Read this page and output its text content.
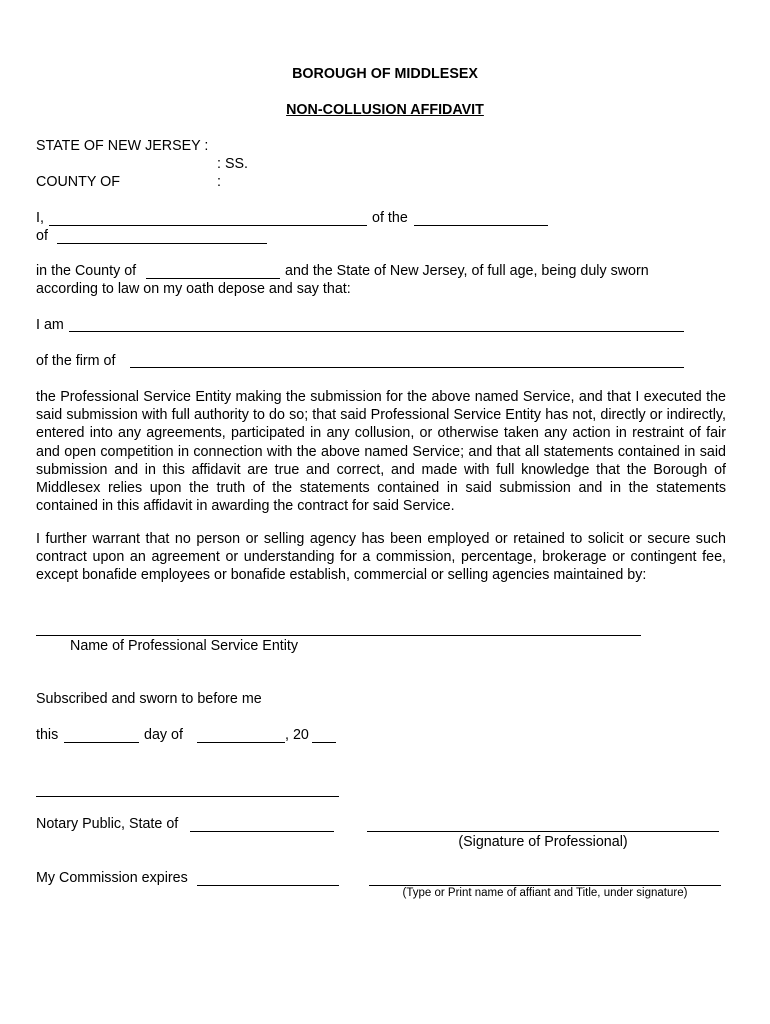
BOROUGH OF MIDDLESEX
NON-COLLUSION AFFIDAVIT
STATE OF NEW JERSEY :
: SS.
COUNTY OF	:
I,	of the
of
in the County of	and the State of New Jersey, of full age, being duly sworn
according to law on my oath depose and say that:
I am
of the firm of
the Professional Service Entity making the submission for the above named Service, and that I executed the said submission with full authority to do so; that said Professional Service Entity has not, directly or indirectly, entered into any agreements, participated in any collusion, or otherwise taken any action in restraint of fair and open competition in connection with the above named Service; and that all statements contained in said submission and in this affidavit are true and correct, and made with full knowledge that the Borough of Middlesex relies upon the truth of the statements contained in said submission and in the statements contained in this affidavit in awarding the contract for said Service.
I further warrant that no person or selling agency has been employed or retained to solicit or secure such contract upon an agreement or understanding for a commission, percentage, brokerage or contingent fee, except bonafide employees or bonafide establish, commercial or selling agencies maintained by:
Name of Professional Service Entity
Subscribed and sworn to before me
this	day of	, 20
Notary Public, State of
(Signature of Professional)
My Commission expires
(Type or Print name of affiant and Title, under signature)
